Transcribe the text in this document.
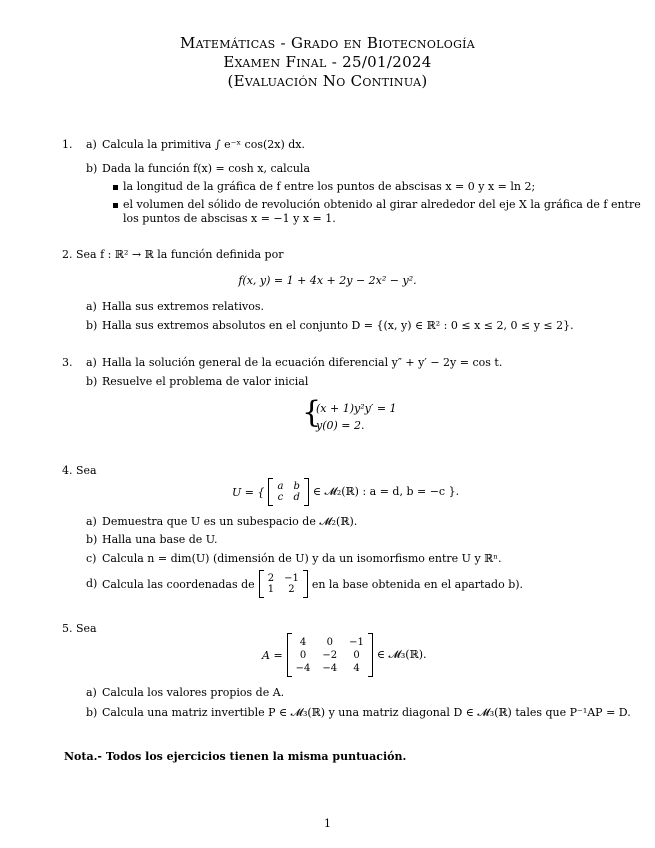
Matemáticas - Grado en Biotecnología
Examen Final - 25/01/2024
(Evaluación No Continua)
1. a) Calcula la primitiva ∫ e⁻ˣ cos(2x) dx.
b) Dada la función f(x) = cosh x, calcula
la longitud de la gráfica de f entre los puntos de abscisas x = 0 y x = ln 2;
el volumen del sólido de revolución obtenido al girar alrededor del eje X la gráfica de f entre
los puntos de abscisas x = −1 y x = 1.
2. Sea f : ℝ² → ℝ la función definida por
f(x, y) = 1 + 4x + 2y − 2x² − y².
a) Halla sus extremos relativos.
b) Halla sus extremos absolutos en el conjunto D = {(x, y) ∈ ℝ² : 0 ≤ x ≤ 2, 0 ≤ y ≤ 2}.
3. a) Halla la solución general de la ecuación diferencial y″ + y′ − 2y = cos t.
b) Resuelve el problema de valor inicial
{
(x + 1)y²y′ = 1
y(0) = 2.
4. Sea
U = { a b
c d ∈ 𝓜₂(ℝ) : a = d, b = −c }.
a) Demuestra que U es un subespacio de 𝓜₂(ℝ).
b) Halla una base de U.
c) Calcula n = dim(U) (dimensión de U) y da un isomorfismo entre U y ℝⁿ.
d) Calcula las coordenadas de 2 −1
1	2	en la base obtenida en el apartado b).
5. Sea
A =
4	0	−1
0	−2	0
−4 −4	4
∈ 𝓜₃(ℝ).
a) Calcula los valores propios de A.
b) Calcula una matriz invertible P ∈ 𝓜₃(ℝ) y una matriz diagonal D ∈ 𝓜₃(ℝ) tales que P⁻¹AP = D.
Nota.- Todos los ejercicios tienen la misma puntuación.
1
